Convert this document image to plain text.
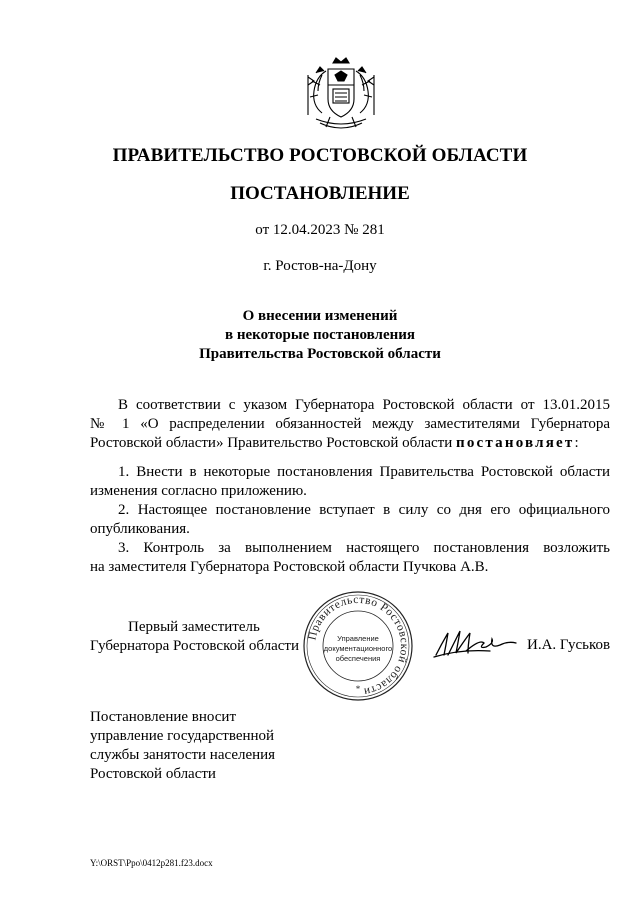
ПРАВИТЕЛЬСТВО РОСТОВСКОЙ ОБЛАСТИ
ПОСТАНОВЛЕНИЕ
от 12.04.2023 № 281
г. Ростов-на-Дону
О внесении изменений
в некоторые постановления
Правительства Ростовской области
В соответствии с указом Губернатора Ростовской области от 13.01.2015
№ 1 «О распределении обязанностей между заместителями Губернатора
Ростовской области» Правительство Ростовской области постановляет:
1. Внести в некоторые постановления Правительства Ростовской области
изменения согласно приложению.
2. Настоящее постановление вступает в силу со дня его официального
опубликования.
3. Контроль за выполнением настоящего постановления возложить
на заместителя Губернатора Ростовской области Пучкова А.В.
Правительство Ростовской области
*
Управление
документационного
обеспечения
Первый заместитель
Губернатора Ростовской области	И.А. Гуськов
Постановление вносит
управление государственной
службы занятости населения
Ростовской области
Y:\ORST\Ppo\0412p281.f23.docx
